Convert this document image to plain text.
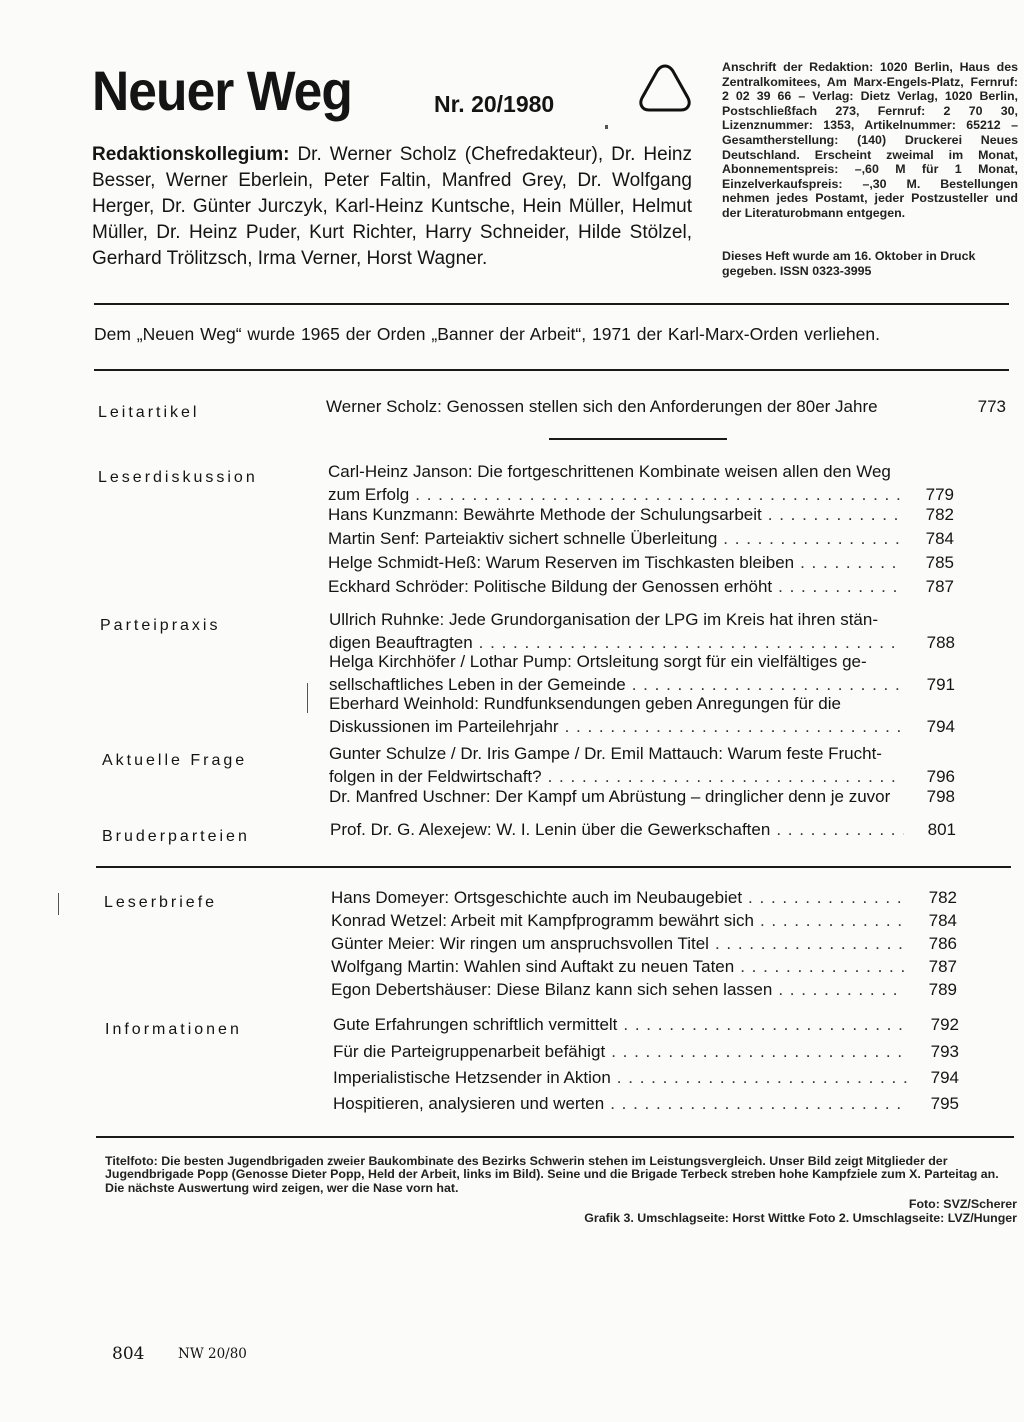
Neuer Weg	Nr. 20/1980
Redaktionskollegium: Dr. Werner Scholz (Chefredakteur), Dr. Heinz Besser, Werner Eberlein, Peter Faltin, Manfred Grey, Dr. Wolfgang Herger, Dr. Günter Jurczyk, Karl-Heinz Kuntsche, Hein Müller, Helmut Müller, Dr. Heinz Puder, Kurt Richter, Harry Schneider, Hilde Stölzel, Gerhard Trölitzsch, Irma Verner, Horst Wagner.
Anschrift der Redaktion: 1020 Berlin, Haus des Zentralkomitees, Am Marx-Engels-Platz, Fernruf: 2 02 39 66 – Verlag: Dietz Verlag, 1020 Berlin, Postschließfach 273, Fernruf: 2 70 30, Lizenznummer: 1353, Artikelnummer: 65212 – Gesamtherstellung: (140) Druckerei Neues Deutschland. Erscheint zweimal im Monat, Abonnementspreis: –,60 M für 1 Monat, Einzelverkaufspreis: –,30 M. Bestellungen nehmen jedes Postamt, jeder Postzusteller und der Literaturobmann entgegen.
Dieses Heft wurde am 16. Oktober in Druck gegeben. ISSN 0323-3995
Dem „Neuen Weg“ wurde 1965 der Orden „Banner der Arbeit“, 1971 der Karl-Marx-Orden verliehen.
Leitartikel	Werner Scholz: Genossen stellen sich den Anforderungen der 80er Jahre	773
Leserdiskussion	Carl-Heinz Janson: Die fortgeschrittenen Kombinate weisen allen den Weg
zum Erfolg . . .	779
Hans Kunzmann: Bewährte Methode der Schulungsarbeit . . .	782
Martin Senf: Parteiaktiv sichert schnelle Überleitung . . .	784
Helge Schmidt-Heß: Warum Reserven im Tischkasten bleiben . . .	785
Eckhard Schröder: Politische Bildung der Genossen erhöht . . .	787
Parteipraxis	Ullrich Ruhnke: Jede Grundorganisation der LPG im Kreis hat ihren stän-
digen Beauftragten . . .	788
Helga Kirchhöfer / Lothar Pump: Ortsleitung sorgt für ein vielfältiges ge-
sellschaftliches Leben in der Gemeinde . . .	791
Eberhard Weinhold: Rundfunksendungen geben Anregungen für die
Diskussionen im Parteilehrjahr . . .	794
Aktuelle Frage	Gunter Schulze / Dr. Iris Gampe / Dr. Emil Mattauch: Warum feste Frucht-
folgen in der Feldwirtschaft? . . .	796
Dr. Manfred Uschner: Der Kampf um Abrüstung – dringlicher denn je zuvor	798
Bruderparteien	Prof. Dr. G. Alexejew: W. I. Lenin über die Gewerkschaften . . .	801
Leserbriefe	Hans Domeyer: Ortsgeschichte auch im Neubaugebiet . . .	782
Konrad Wetzel: Arbeit mit Kampfprogramm bewährt sich . . .	784
Günter Meier: Wir ringen um anspruchsvollen Titel . . .	786
Wolfgang Martin: Wahlen sind Auftakt zu neuen Taten . . .	787
Egon Debertshäuser: Diese Bilanz kann sich sehen lassen . . .	789
Informationen	Gute Erfahrungen schriftlich vermittelt . . .	792
Für die Parteigruppenarbeit befähigt . . .	793
Imperialistische Hetzsender in Aktion . . .	794
Hospitieren, analysieren und werten . . .	795
Titelfoto: Die besten Jugendbrigaden zweier Baukombinate des Bezirks Schwerin stehen im Leistungsvergleich. Unser Bild zeigt Mitglieder der Jugendbrigade Popp (Genosse Dieter Popp, Held der Arbeit, links im Bild). Seine und die Brigade Terbeck streben hohe Kampfziele zum X. Parteitag an. Die nächste Auswertung wird zeigen, wer die Nase vorn hat.
Foto: SVZ/Scherer
Grafik 3. Umschlagseite: Horst Wittke Foto 2. Umschlagseite: LVZ/Hunger
804 NW 20/80
